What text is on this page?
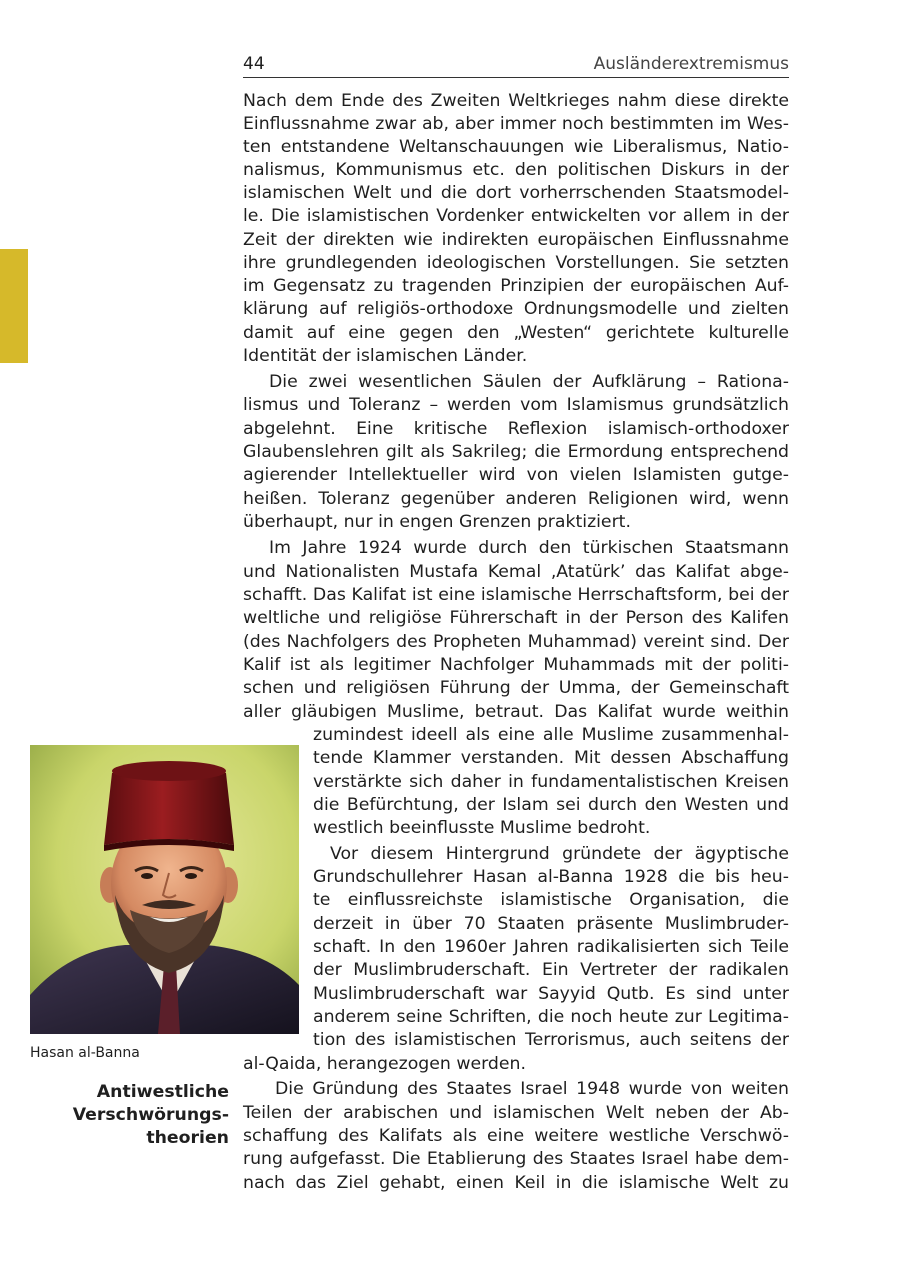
44	Ausländerextremismus
Nach dem Ende des Zweiten Weltkrieges nahm diese direkte
Einflussnahme zwar ab, aber immer noch bestimmten im Wes-
ten entstandene Weltanschauungen wie Liberalismus, Natio-
nalismus, Kommunismus etc. den politischen Diskurs in der
islamischen Welt und die dort vorherrschenden Staatsmodel-
le. Die islamistischen Vordenker entwickelten vor allem in der
Zeit der direkten wie indirekten europäischen Einflussnahme
ihre grundlegenden ideologischen Vorstellungen. Sie setzten
im Gegensatz zu tragenden Prinzipien der europäischen Auf-
klärung auf religiös-orthodoxe Ordnungsmodelle und zielten
damit auf eine gegen den „Westen“ gerichtete kulturelle
Identität der islamischen Länder.
Die zwei wesentlichen Säulen der Aufklärung – Rationa-
lismus und Toleranz – werden vom Islamismus grundsätzlich
abgelehnt. Eine kritische Reflexion islamisch-orthodoxer
Glaubenslehren gilt als Sakrileg; die Ermordung entsprechend
agierender Intellektueller wird von vielen Islamisten gutge-
heißen. Toleranz gegenüber anderen Religionen wird, wenn
überhaupt, nur in engen Grenzen praktiziert.
Im Jahre 1924 wurde durch den türkischen Staatsmann
und Nationalisten Mustafa Kemal ‚Atatürk’ das Kalifat abge-
schafft. Das Kalifat ist eine islamische Herrschaftsform, bei der
weltliche und religiöse Führerschaft in der Person des Kalifen
(des Nachfolgers des Propheten Muhammad) vereint sind. Der
Kalif ist als legitimer Nachfolger Muhammads mit der politi-
schen und religiösen Führung der Umma, der Gemeinschaft
aller gläubigen Muslime, betraut. Das Kalifat wurde weithin
zumindest ideell als eine alle Muslime zusammenhal-
tende Klammer verstanden. Mit dessen Abschaffung
verstärkte sich daher in fundamentalistischen Kreisen
die Befürchtung, der Islam sei durch den Westen und
westlich beeinflusste Muslime bedroht.
Vor diesem Hintergrund gründete der ägyptische
Grundschullehrer Hasan al-Banna 1928 die bis heu-
te einflussreichste islamistische Organisation, die
derzeit in über 70 Staaten präsente Muslimbruder-
schaft. In den 1960er Jahren radikalisierten sich Teile
der Muslimbruderschaft. Ein Vertreter der radikalen
Muslimbruderschaft war Sayyid Qutb. Es sind unter
anderem seine Schriften, die noch heute zur Legitima-
tion des islamistischen Terrorismus, auch seitens der
al-Qaida, herangezogen werden.
Die Gründung des Staates Israel 1948 wurde von weiten
Teilen der arabischen und islamischen Welt neben der Ab-
schaffung des Kalifats als eine weitere westliche Verschwö-
rung aufgefasst. Die Etablierung des Staates Israel habe dem-
nach das Ziel gehabt, einen Keil in die islamische Welt zu
Hasan al-Banna
Antiwestliche
Verschwörungs-
theorien
